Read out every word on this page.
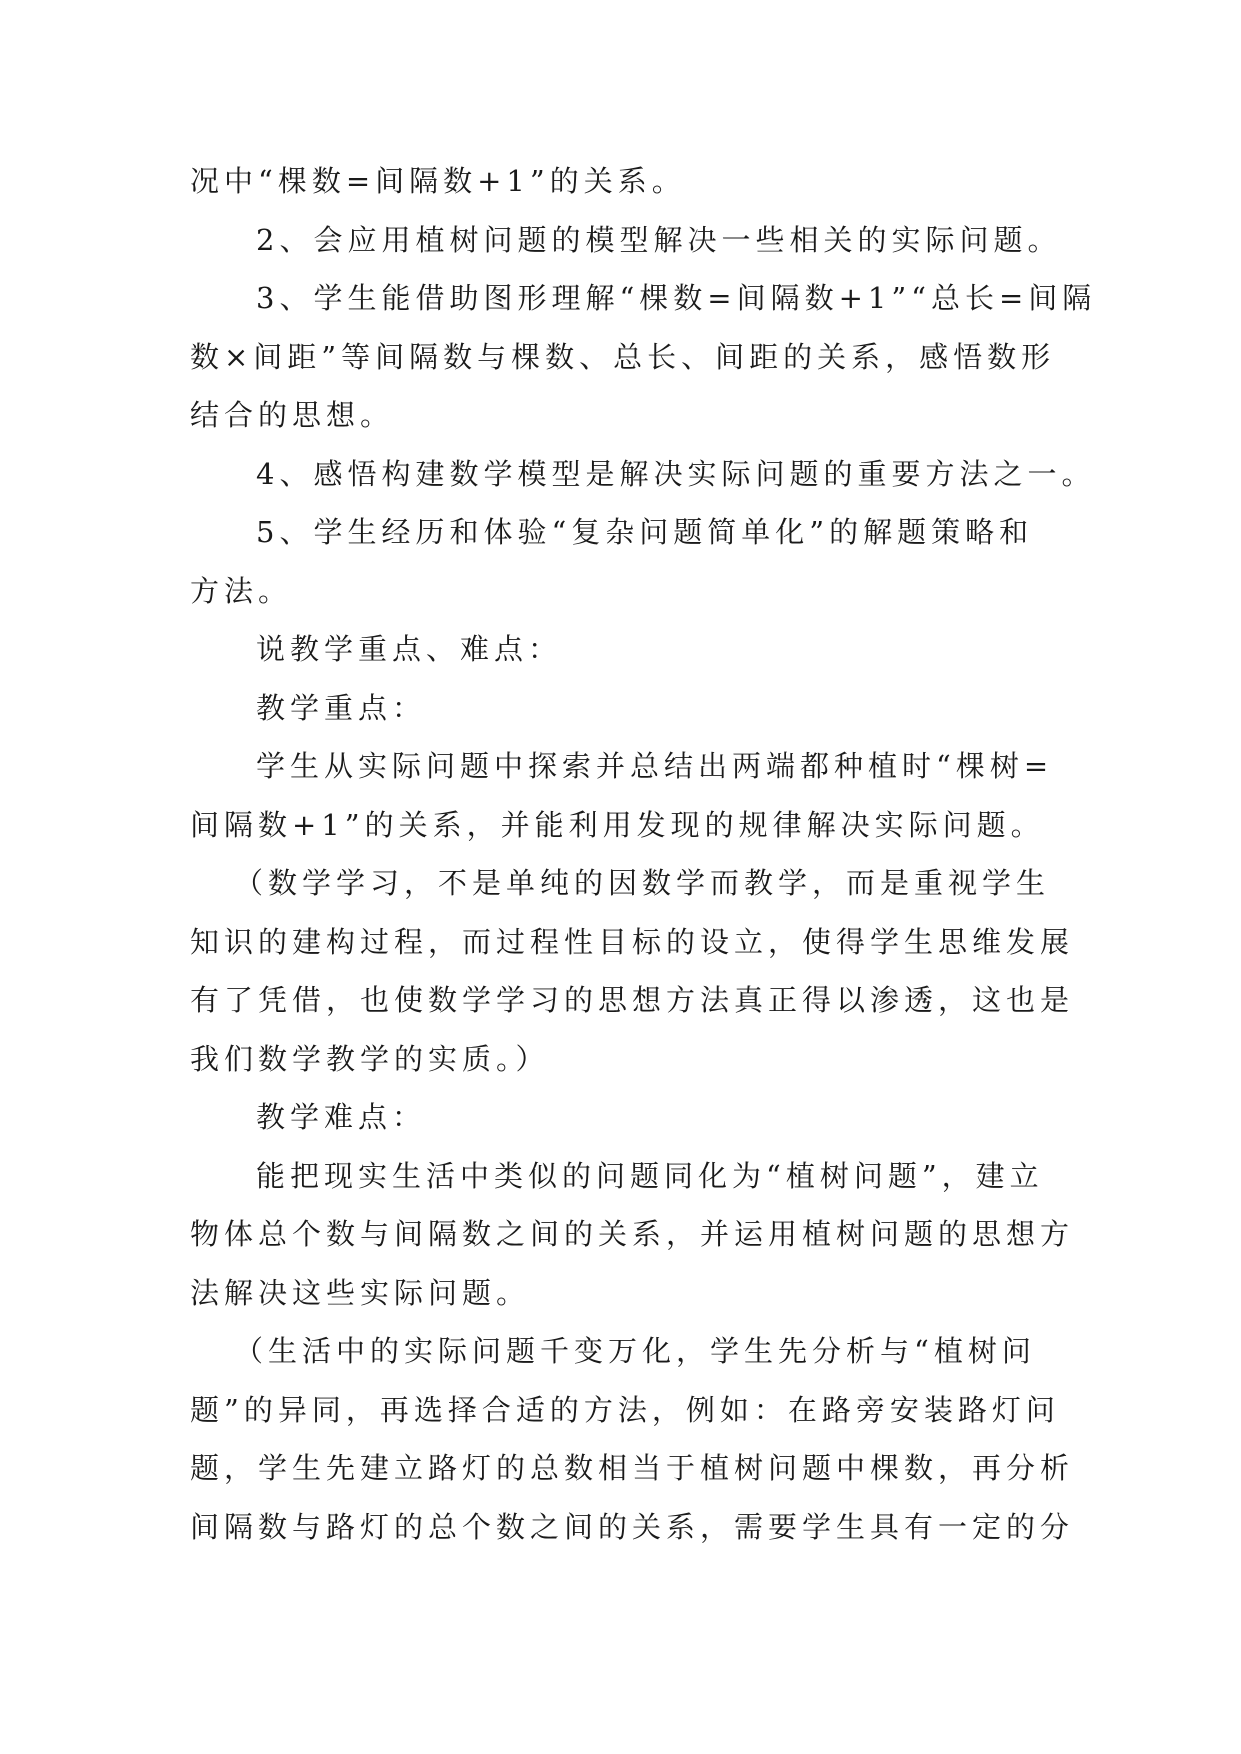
况中“棵数=间隔数+1”的关系。
2、会应用植树问题的模型解决一些相关的实际问题。
3、学生能借助图形理解“棵数=间隔数+1”“总长=间隔
数×间距”等间隔数与棵数、总长、间距的关系，感悟数形
结合的思想。
4、感悟构建数学模型是解决实际问题的重要方法之一。
5、学生经历和体验“复杂问题简单化”的解题策略和
方法。
说教学重点、难点：
教学重点：
学生从实际问题中探索并总结出两端都种植时“棵树=
间隔数+1”的关系，并能利用发现的规律解决实际问题。
（数学学习，不是单纯的因数学而教学，而是重视学生
知识的建构过程，而过程性目标的设立，使得学生思维发展
有了凭借，也使数学学习的思想方法真正得以渗透，这也是
我们数学教学的实质。）
教学难点：
能把现实生活中类似的问题同化为“植树问题”，建立
物体总个数与间隔数之间的关系，并运用植树问题的思想方
法解决这些实际问题。
（生活中的实际问题千变万化，学生先分析与“植树问
题”的异同，再选择合适的方法，例如：在路旁安装路灯问
题，学生先建立路灯的总数相当于植树问题中棵数，再分析
间隔数与路灯的总个数之间的关系，需要学生具有一定的分
